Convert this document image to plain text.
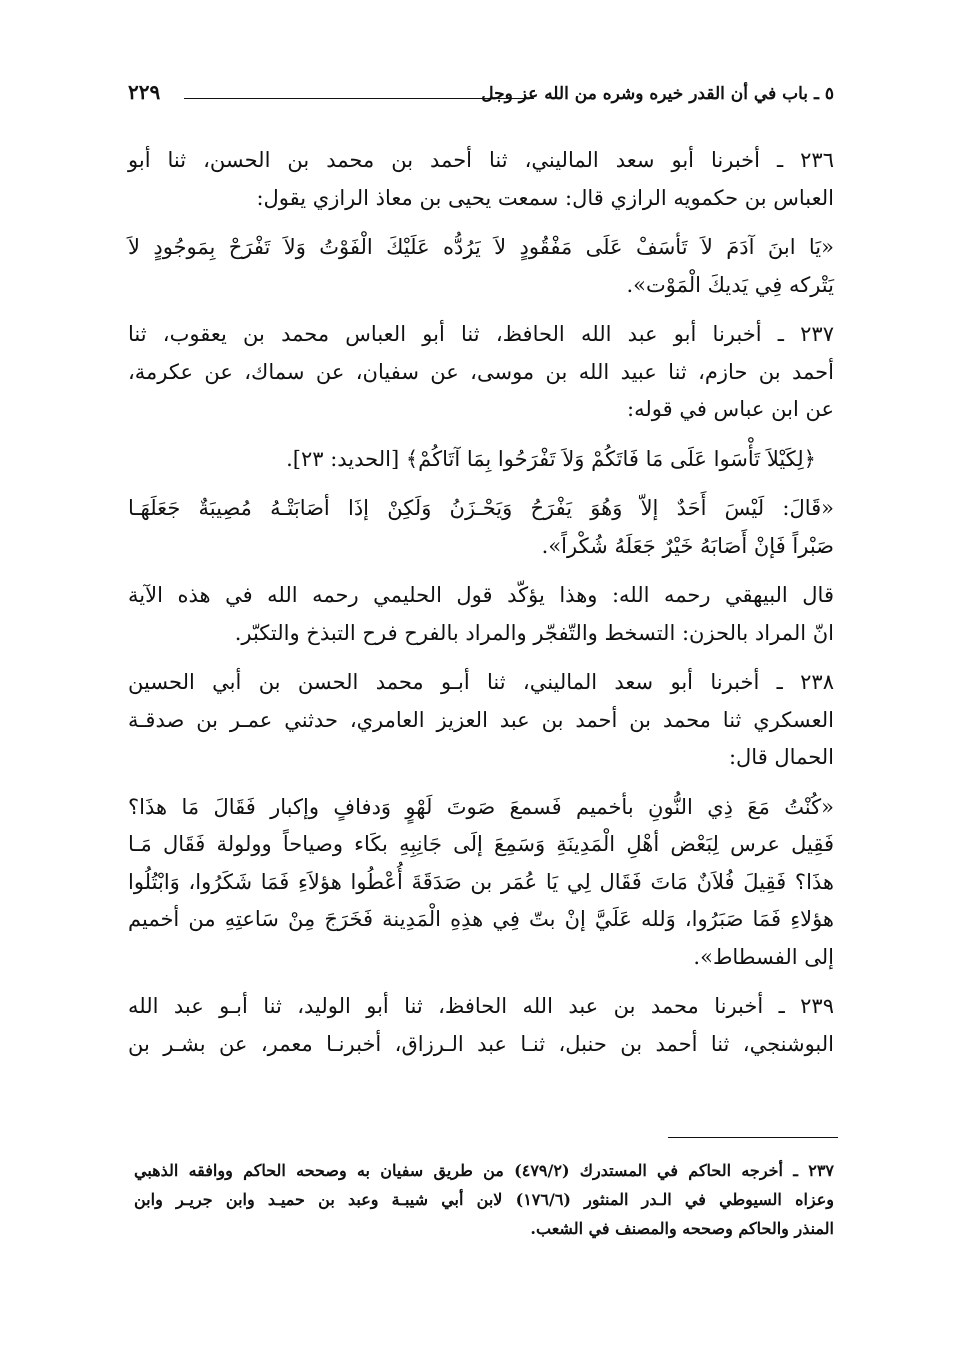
٥ ـ باب في أن القدر خيره وشره من الله عز وجل
٢٢٩

٢٣٦ ـ أخبرنا أبو سعد الماليني، ثنا أحمد بن محمد بن الحسن، ثنا أبو
العباس بن حكمويه الرازي قال: سمعت يحيى بن معاذ الرازي يقول:

«يَا ابنَ آدَمَ لاَ تَأسَفْ عَلَى مَفْقُودٍ لاَ يَرُدُّه عَلَيْكَ الْفَوْتُ وَلاَ تَفْرَحْ بِمَوجُودٍ لاَ
يَتْركه فِي يَديكَ الْمَوْت».

٢٣٧ ـ أخبرنا أبو عبد الله الحافظ، ثنا أبو العباس محمد بن يعقوب، ثنا
أحمد بن حازم، ثنا عبيد الله بن موسى، عن سفيان، عن سماك، عن عكرمة،
عن ابن عباس في قوله:

﴿لِكَيْلاَ تَأْسَوا عَلَى مَا فَاتَكُمْ وَلاَ تَفْرَحُوا بِمَا آتَاكُمْ﴾ [الحديد: ٢٣].

«قَالَ: لَيْسَ أَحَدٌ إلاّ وَهُوَ يَفْرَحُ وَيَحْـزَنُ وَلَكِنْ إذَا أصَابَتْـهُ مُصِيبَةٌ جَعَلَهَـا
صَبْراً فَإنْ أَصَابَهُ خَيْرٌ جَعَلَهُ شُكْراً».

قال البيهقي رحمه الله: وهذا يؤكّد قول الحليمي رحمه الله في هذه الآية
انّ المراد بالحزن: التسخط والتّفجّر والمراد بالفرح فرح التبذخ والتكبّر.

٢٣٨ ـ أخبرنا أبو سعد الماليني، ثنا أبـو محمد الحسن بن أبي الحسين
العسكري ثنا محمد بن أحمد بن عبد العزيز العامري، حدثني عمـر بن صدقـة
الحمال قال:

«كُنْتُ مَعَ ذِي النُّونِ بأخميم فَسمعَ صَوتَ لَهْوٍ وَدفافٍ وإكبار فَقَالَ مَا هذَا؟
فَقِيل عرس لِبَعْض أهْلِ الْمَدِينَةِ وَسَمِعَ إلَى جَانِبِهِ بكَاء وصياحاً وولولة فَقَال مَـا
هذَا؟ فَقِيلَ فُلاَنٌ مَاتَ فَقَال لِي يَا عُمَر بن صَدَقَةَ أُعْطُوا هؤلاَءِ فَمَا شَكَرُوا، وَابْتُلُوا
هؤلاءِ فَمَا صَبَرُوا، وَلله عَلَيَّ إنْ بتّ فِي هذِهِ الْمَدِينة فَخَرَجَ مِنْ سَاعتِهِ من أخميم
إلى الفسطاط».

٢٣٩ ـ أخبرنا محمد بن عبد الله الحافظ، ثنا أبو الوليد، ثنا أبـو عبد الله
البوشنجي، ثنا أحمد بن حنبل، ثنـا عبد الـرزاق، أخبرنـا معمر، عن بشـر بن

٢٣٧ ـ أخرجه الحاكم في المستدرك (٤٧٩/٢) من طريق سفيان به وصححه الحاكم ووافقه الذهبي
وعزاه السيوطي في الـدر المنثور (١٧٦/٦) لابن أبي شيبـة وعبد بن حميـد وابن جريـر وابن
المنذر والحاكم وصححه والمصنف في الشعب.
